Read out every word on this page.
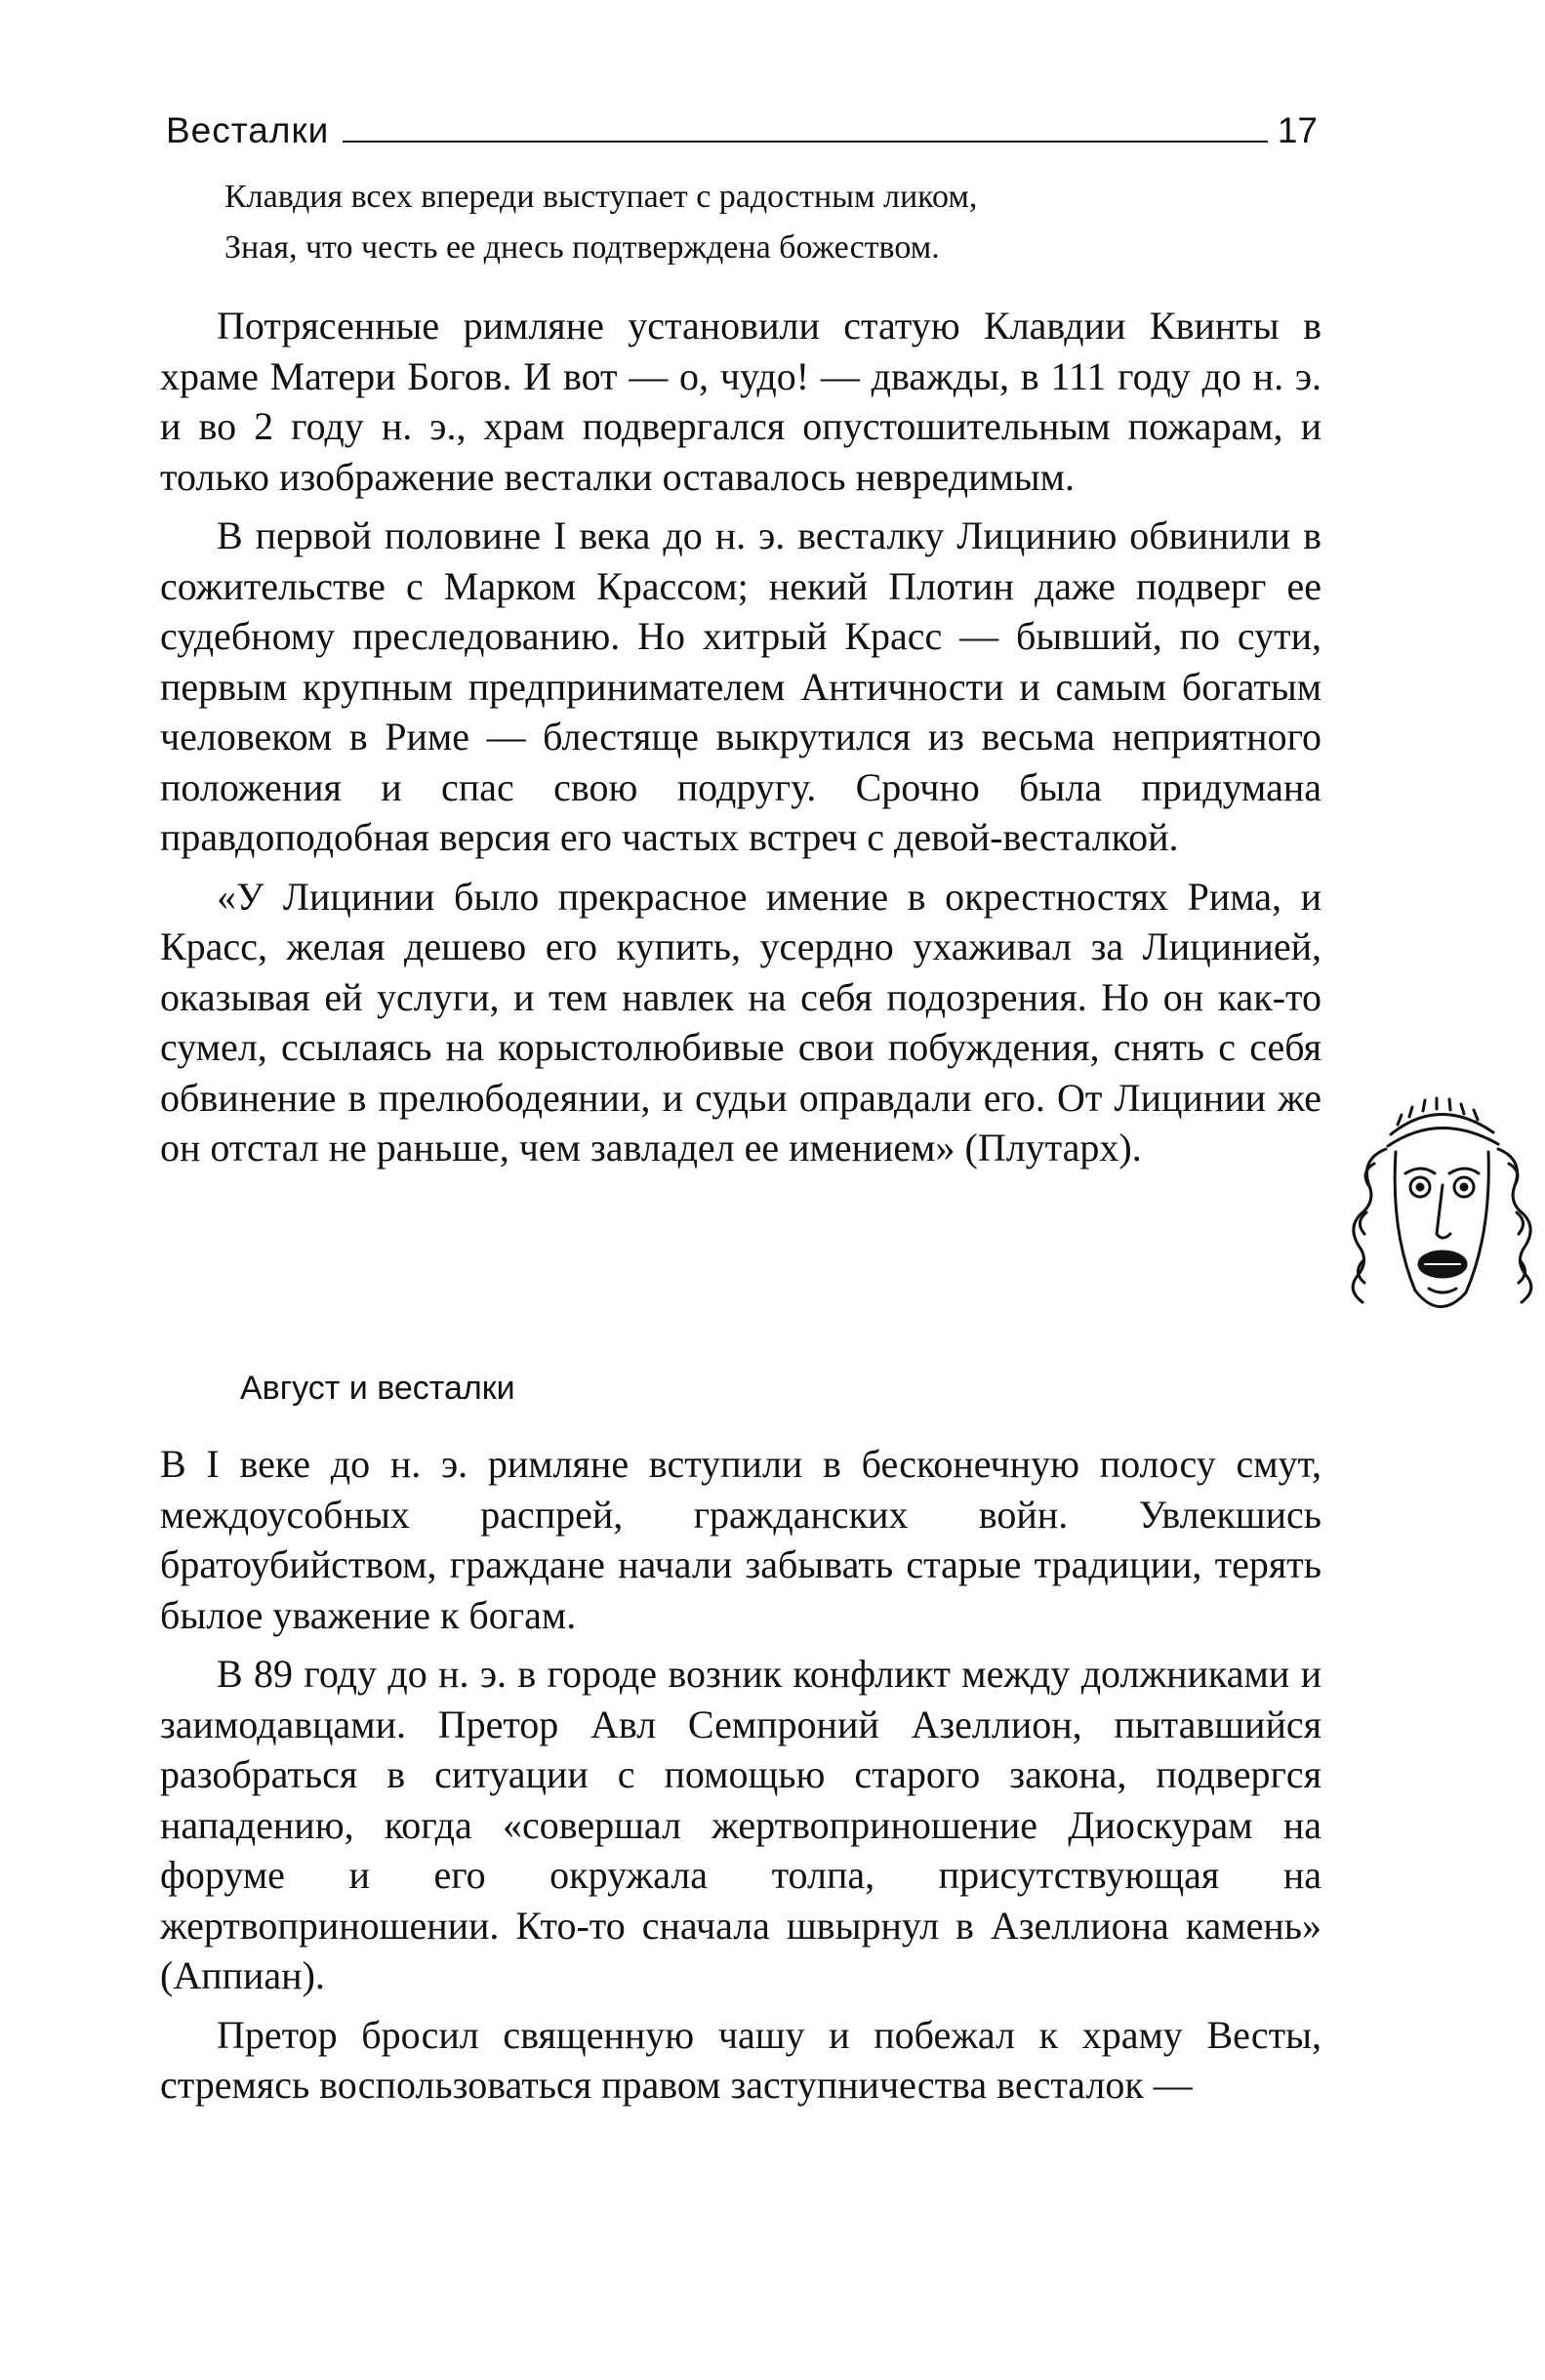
Весталки	17
Клавдия всех впереди выступает с радостным ликом,
Зная, что честь ее днесь подтверждена божеством.

Потрясенные римляне установили статую Клавдии Квинты в храме Матери Богов. И вот — о, чудо! — дважды, в 111 году до н. э. и во 2 году н. э., храм подвергался опустошительным пожарам, и только изображение весталки оставалось невредимым.

В первой половине I века до н. э. весталку Лицинию обвинили в сожительстве с Марком Крассом; некий Плотин даже подверг ее судебному преследованию. Но хитрый Красс — бывший, по сути, первым крупным предпринимателем Античности и самым богатым человеком в Риме — блестяще выкрутился из весьма неприятного положения и спас свою подругу. Срочно была придумана правдоподобная версия его частых встреч с девой-весталкой.

«У Лицинии было прекрасное имение в окрестностях Рима, и Красс, желая дешево его купить, усердно ухаживал за Лицинией, оказывая ей услуги, и тем навлек на себя подозрения. Но он как-то сумел, ссылаясь на корыстолюбивые свои побуждения, снять с себя обвинение в прелюбодеянии, и судьи оправдали его. От Лицинии же он отстал не раньше, чем завладел ее имением» (Плутарх).

Август и весталки

В I веке до н. э. римляне вступили в бесконечную полосу смут, междоусобных распрей, гражданских войн. Увлекшись братоубийством, граждане начали забывать старые традиции, терять былое уважение к богам.

В 89 году до н. э. в городе возник конфликт между должниками и заимодавцами. Претор Авл Семпроний Азеллион, пытавшийся разобраться в ситуации с помощью старого закона, подвергся нападению, когда «совершал жертвоприношение Диоскурам на форуме и его окружала толпа, присутствующая на жертвоприношении. Кто-то сначала швырнул в Азеллиона камень» (Аппиан).

Претор бросил священную чашу и побежал к храму Весты, стремясь воспользоваться правом заступничества весталок —
